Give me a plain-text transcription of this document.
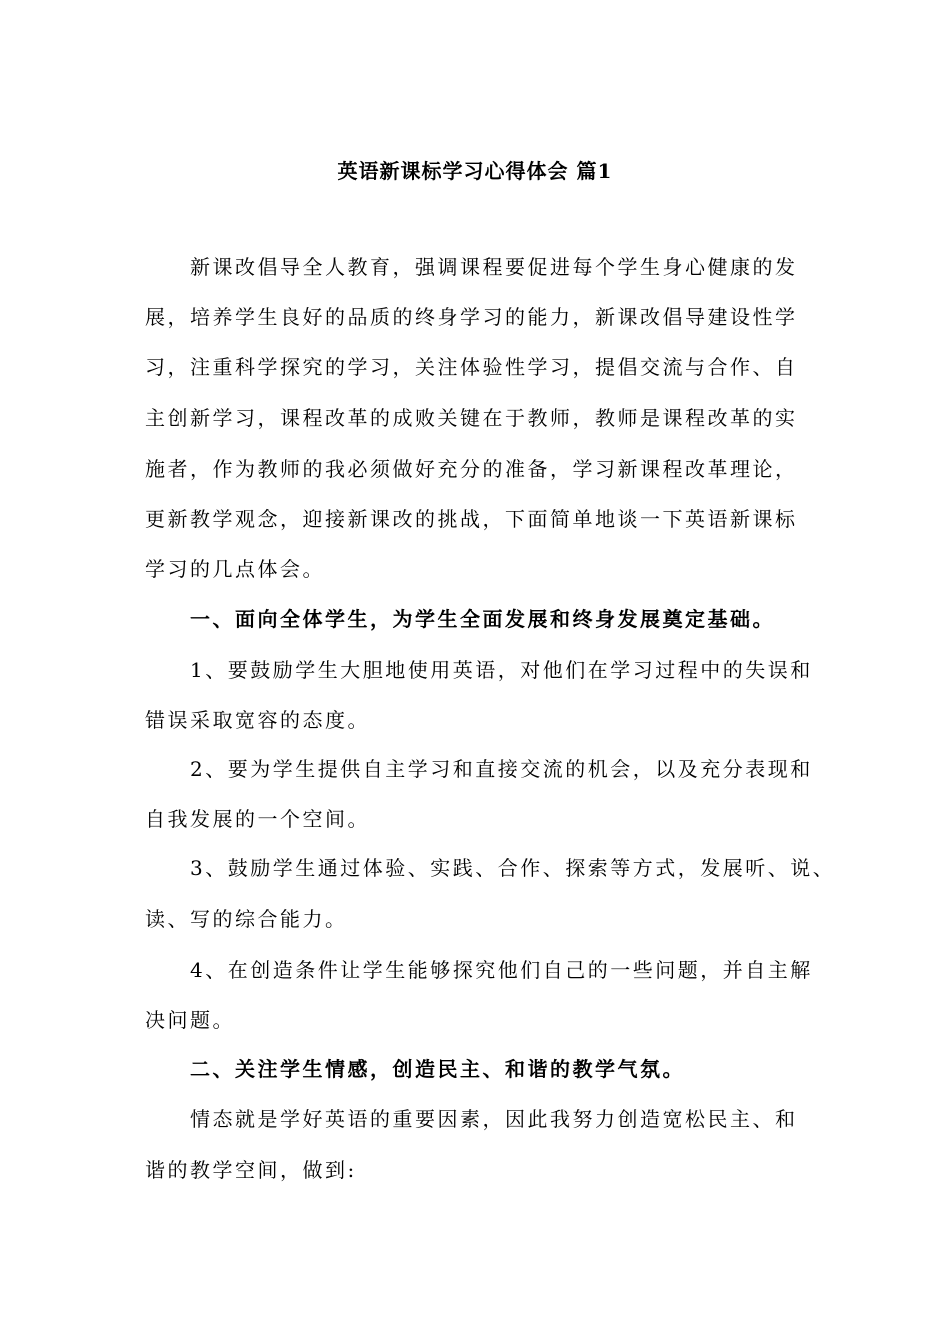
英语新课标学习心得体会 篇1
新课改倡导全人教育，强调课程要促进每个学生身心健康的发
展，培养学生良好的品质的终身学习的能力，新课改倡导建设性学
习，注重科学探究的学习，关注体验性学习，提倡交流与合作、自
主创新学习，课程改革的成败关键在于教师，教师是课程改革的实
施者，作为教师的我必须做好充分的准备，学习新课程改革理论，
更新教学观念，迎接新课改的挑战，下面简单地谈一下英语新课标
学习的几点体会。
一、面向全体学生，为学生全面发展和终身发展奠定基础。
1、要鼓励学生大胆地使用英语，对他们在学习过程中的失误和
错误采取宽容的态度。
2、要为学生提供自主学习和直接交流的机会，以及充分表现和
自我发展的一个空间。
3、鼓励学生通过体验、实践、合作、探索等方式，发展听、说、
读、写的综合能力。
4、在创造条件让学生能够探究他们自己的一些问题，并自主解
决问题。
二、关注学生情感，创造民主、和谐的教学气氛。
情态就是学好英语的重要因素，因此我努力创造宽松民主、和
谐的教学空间，做到:
